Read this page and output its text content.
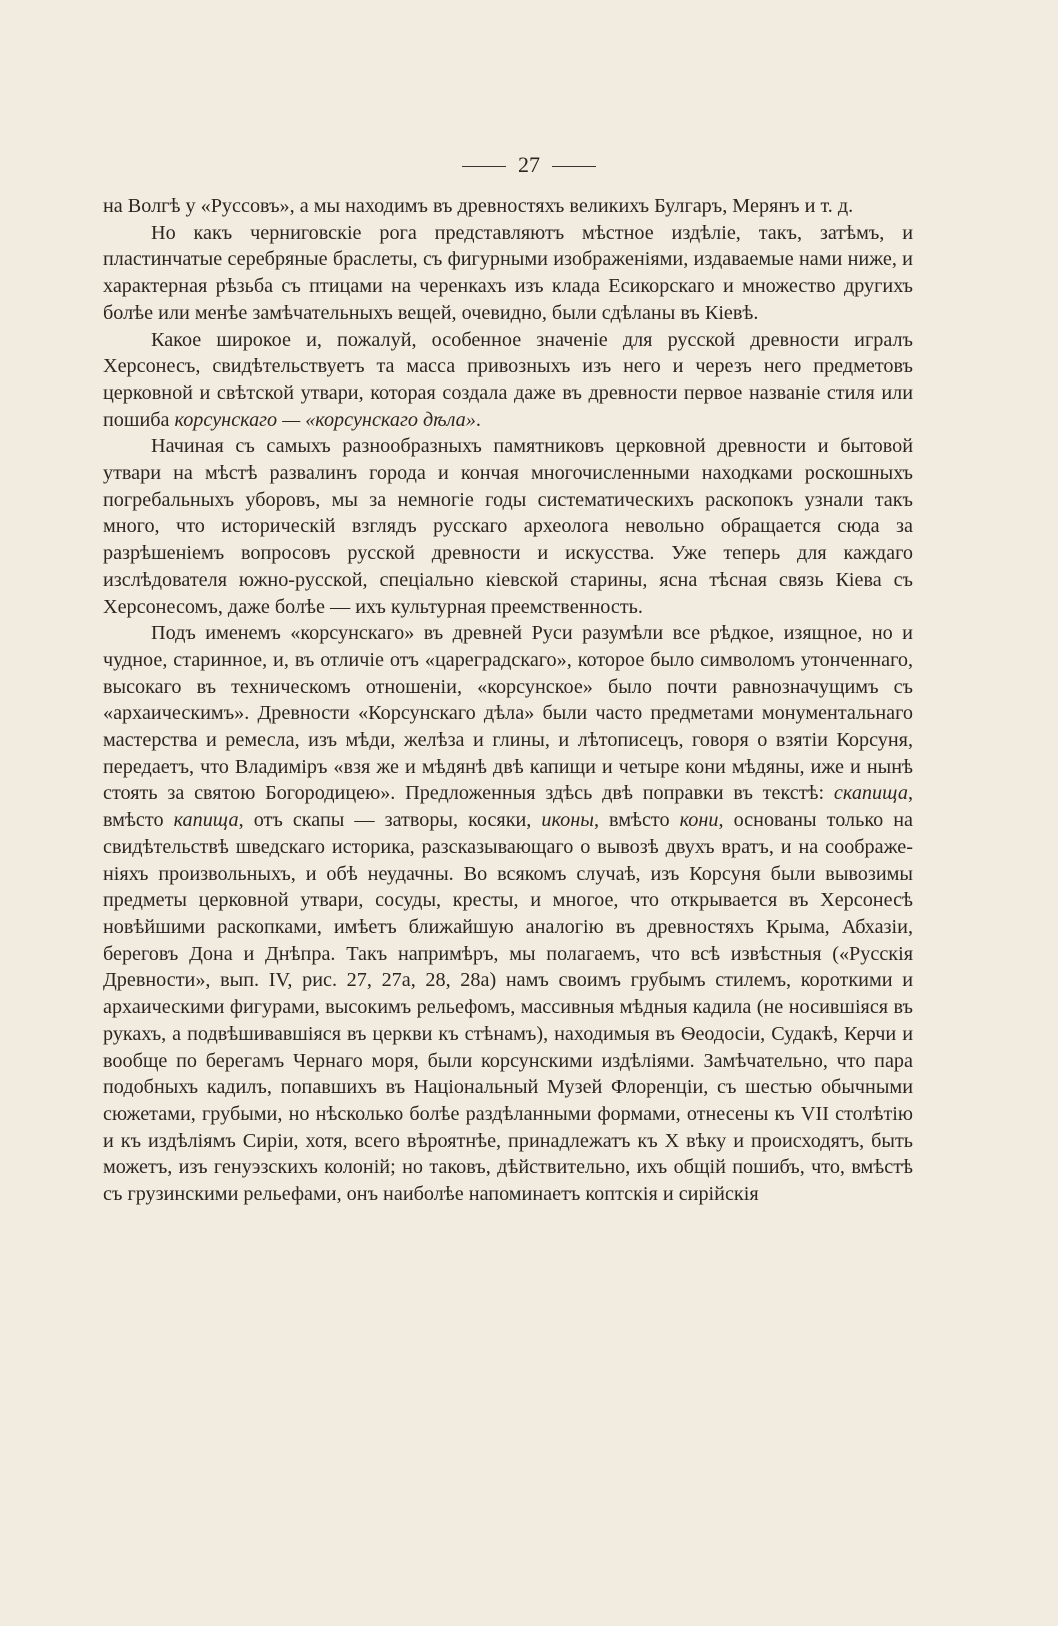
27

на Волгѣ у «Руссовъ», а мы находимъ въ древностяхъ великихъ Булгаръ, Мерянъ и т. д.

Но какъ черниговскіе рога представляютъ мѣстное издѣліе, такъ, затѣмъ, и пластинчатые серебряные браслеты, съ фигурными изображеніями, издаваемые нами ниже, и характерная рѣзьба съ птицами на черенкахъ изъ клада Есикорскаго и множество другихъ болѣе или менѣе замѣчательныхъ вещей, очевидно, были сдѣланы въ Кіевѣ.

Какое широкое и, пожалуй, особенное значеніе для русской древности игралъ Херсонесъ, свидѣтельствуетъ та масса привозныхъ изъ него и черезъ него предметовъ церковной и свѣтской утвари, которая создала даже въ древности первое названіе стиля или пошиба корсунскаго — «корсунскаго дѣла».

Начиная съ самыхъ разнообразныхъ памятниковъ церковной древности и бытовой утвари на мѣстѣ развалинъ города и кончая многочисленными находками роскошныхъ погребальныхъ уборовъ, мы за немногіе годы систематическихъ раскопокъ узнали такъ много, что историческій взглядъ русскаго археолога невольно обращается сюда за разрѣшеніемъ вопросовъ русской древности и искусства. Уже теперь для каждаго изслѣдователя южно-русской, спеціально кіевской старины, ясна тѣсная связь Кіева съ Херсонесомъ, даже болѣе — ихъ культурная преемственность.

Подъ именемъ «корсунскаго» въ древней Руси разумѣли все рѣдкое, изящное, но и чудное, старинное, и, въ отличіе отъ «цареградскаго», которое было символомъ утонченнаго, высокаго въ техническомъ отношеніи, «корсунское» было почти равнозначущимъ съ «архаическимъ». Древности «Корсунскаго дѣла» были часто предметами монументальнаго мастерства и ремесла, изъ мѣди, желѣза и глины, и лѣтописецъ, говоря о взятіи Корсуня, передаетъ, что Владиміръ «взя же и мѣдянѣ двѣ капищи и четыре кони мѣдяны, иже и нынѣ стоять за святою Богородицею». Предложенныя здѣсь двѣ поправки въ текстѣ: скапища, вмѣсто капища, отъ скапы — затворы, косяки, иконы, вмѣсто кони, основаны только на свидѣтельствѣ шведскаго историка, разсказывающаго о вывозѣ двухъ вратъ, и на соображеніяхъ произвольныхъ, и обѣ неудачны. Во всякомъ случаѣ, изъ Корсуня были вывозимы предметы церковной утвари, сосуды, кресты, и многое, что открывается въ Херсонесѣ новѣйшими раскопками, имѣетъ ближайшую аналогію въ древностяхъ Крыма, Абхазіи, береговъ Дона и Днѣпра. Такъ напримѣръ, мы полагаемъ, что всѣ извѣстныя («Русскія Древности», вып. IV, рис. 27, 27а, 28, 28а) намъ своимъ грубымъ стилемъ, короткими и архаическими фигурами, высокимъ рельефомъ, массивныя мѣдныя кадила (не носившіяся въ рукахъ, а подвѣшивавшіяся въ церкви къ стѣнамъ), находимыя въ Ѳеодосіи, Судакѣ, Керчи и вообще по берегамъ Чернаго моря, были корсунскими издѣліями. Замѣчательно, что пара подобныхъ кадилъ, попавшихъ въ Національный Музей Флоренціи, съ шестью обычными сюжетами, грубыми, но нѣсколько болѣе раздѣланными формами, отнесены къ VII столѣтію и къ издѣліямъ Сиріи, хотя, всего вѣроятнѣе, принадлежатъ къ X вѣку и происходятъ, быть можетъ, изъ генуэзскихъ колоній; но таковъ, дѣйствительно, ихъ общій пошибъ, что, вмѣстѣ съ грузинскими рельефами, онъ наиболѣе напоминаетъ коптскія и сирійскія
